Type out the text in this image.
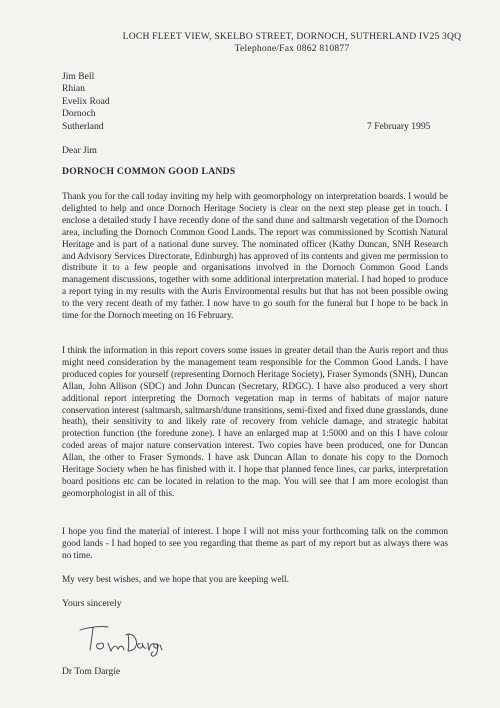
LOCH FLEET VIEW, SKELBO STREET, DORNOCH, SUTHERLAND IV25 3QQ
Telephone/Fax 0862 810877
Jim Bell
Rhian
Evelix Road
Dornoch
Sutherland	7 February 1995
Dear Jim
DORNOCH COMMON GOOD LANDS

Thank you for the call today inviting my help with geomorphology on interpretation boards. I would be delighted to help and once Dornoch Heritage Society is clear on the next step please get in touch. I enclose a detailed study I have recently done of the sand dune and saltmarsh vegetation of the Dornoch area, including the Dornoch Common Good Lands. The report was commissioned by Scottish Natural Heritage and is part of a national dune survey. The nominated officer (Kathy Duncan, SNH Research and Advisory Services Directorate, Edinburgh) has approved of its contents and given me permission to distribute it to a few people and organisations involved in the Dornoch Common Good Lands management discussions, together with some additional interpretation material. I had hoped to produce a report tying in my results with the Auris Environmental results but that has not been possible owing to the very recent death of my father. I now have to go south for the funeral but I hope to be back in time for the Dornoch meeting on 16 February.

I think the information in this report covers some issues in greater detail than the Auris report and thus might need consideration by the management team responsible for the Common Good Lands. I have produced copies for yourself (representing Dornoch Heritage Society), Fraser Symonds (SNH), Duncan Allan, John Allison (SDC) and John Duncan (Secretary, RDGC). I have also produced a very short additional report interpreting the Dornoch vegetation map in terms of habitats of major nature conservation interest (saltmarsh, saltmarsh/dune transitions, semi-fixed and fixed dune grasslands, dune heath), their sensitivity to and likely rate of recovery from vehicle damage, and strategic habitat protection function (the foredune zone). I have an enlarged map at 1:5000 and on this I have colour coded areas of major nature conservation interest. Two copies have been produced, one for Duncan Allan, the other to Fraser Symonds. I have ask Duncan Allan to donate his copy to the Dornoch Heritage Society when he has finished with it. I hope that planned fence lines, car parks, interpretation board positions etc can be located in relation to the map. You will see that I am more ecologist than geomorphologist in all of this.

I hope you find the material of interest. I hope I will not miss your forthcoming talk on the common good lands - I had hoped to see you regarding that theme as part of my report but as always there was no time.

My very best wishes, and we hope that you are keeping well.

Yours sincerely
Dr Tom Dargie
